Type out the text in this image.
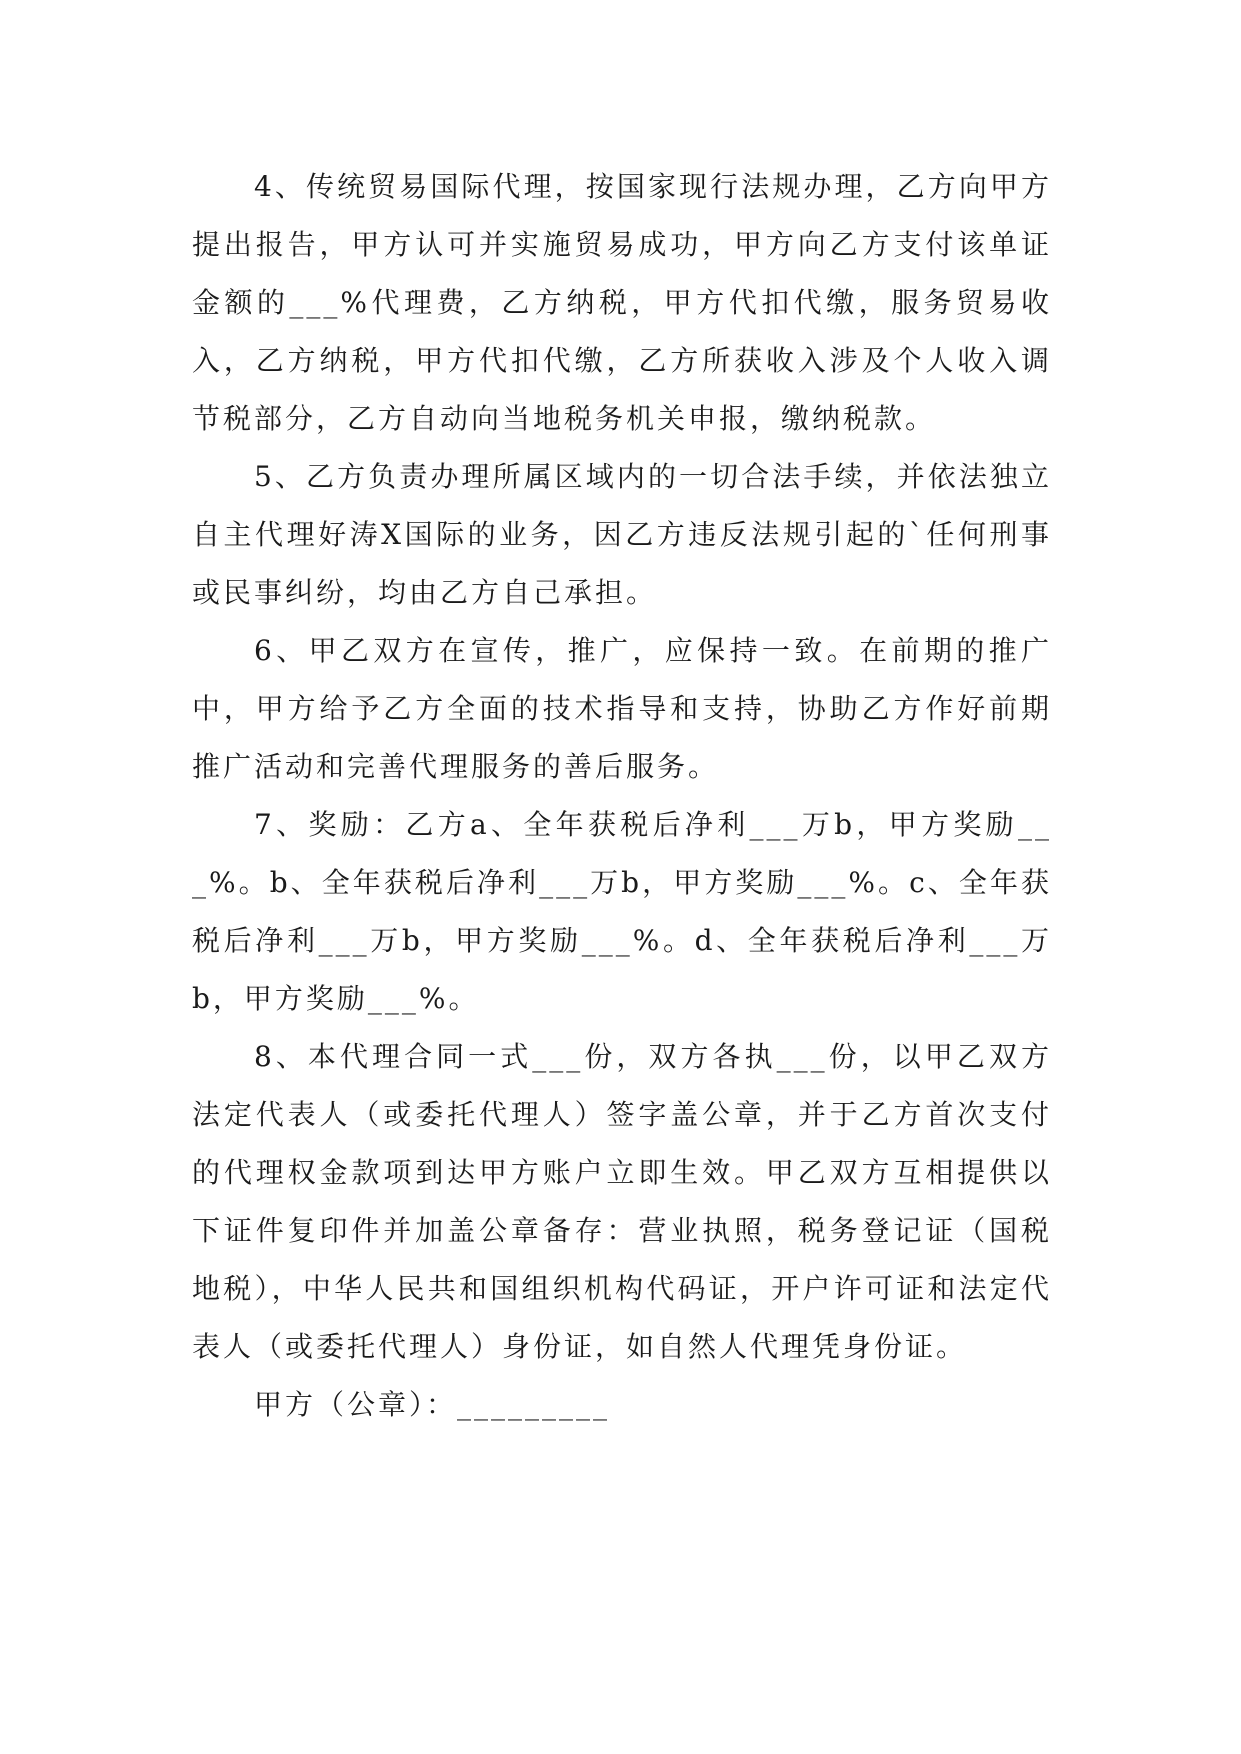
4、传统贸易国际代理，按国家现行法规办理，乙方向甲方提出报告，甲方认可并实施贸易成功，甲方向乙方支付该单证金额的___%代理费，乙方纳税，甲方代扣代缴，服务贸易收入，乙方纳税，甲方代扣代缴，乙方所获收入涉及个人收入调节税部分，乙方自动向当地税务机关申报，缴纳税款。

5、乙方负责办理所属区域内的一切合法手续，并依法独立自主代理好涛X国际的业务，因乙方违反法规引起的`任何刑事或民事纠纷，均由乙方自己承担。

6、甲乙双方在宣传，推广，应保持一致。在前期的推广中，甲方给予乙方全面的技术指导和支持，协助乙方作好前期推广活动和完善代理服务的善后服务。

7、奖励：乙方a、全年获税后净利___万b，甲方奖励___%。b、全年获税后净利___万b，甲方奖励___%。c、全年获税后净利___万b，甲方奖励___%。d、全年获税后净利___万b，甲方奖励___%。

8、本代理合同一式___份，双方各执___份，以甲乙双方法定代表人（或委托代理人）签字盖公章，并于乙方首次支付的代理权金款项到达甲方账户立即生效。甲乙双方互相提供以下证件复印件并加盖公章备存：营业执照，税务登记证（国税地税），中华人民共和国组织机构代码证，开户许可证和法定代表人（或委托代理人）身份证，如自然人代理凭身份证。

甲方（公章）：_________
